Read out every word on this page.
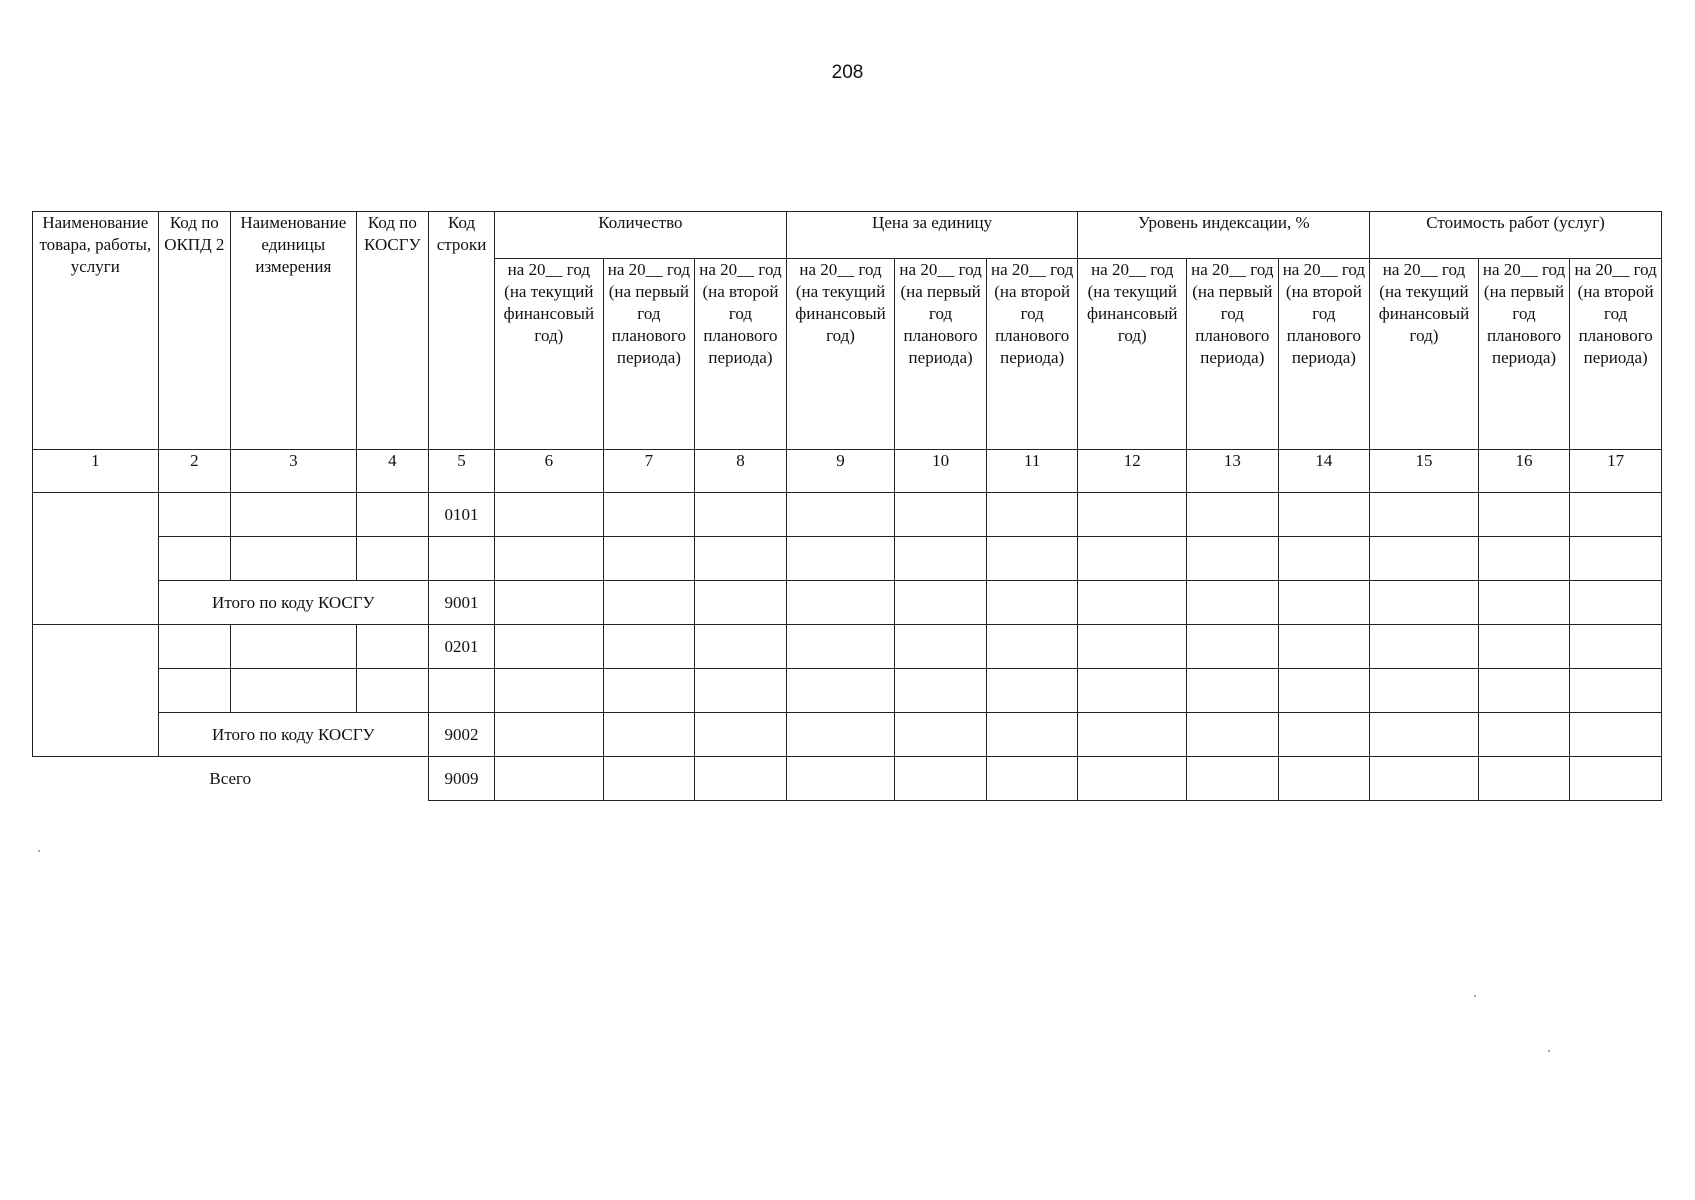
208
Наименование товара, работы, услуги	Код по ОКПД 2	Наименование единицы измерения	Код по КОСГУ	Код строки	Количество			Цена за единицу			Уровень индексации, %			Стоимость работ (услуг)		
					на 20__ год (на текущий финансовый год)	на 20__ год (на первый год планового периода)	на 20__ год (на второй год планового периода)	на 20__ год (на текущий финансовый год)	на 20__ год (на первый год планового периода)	на 20__ год (на второй год планового периода)	на 20__ год (на текущий финансовый год)	на 20__ год (на первый год планового периода)	на 20__ год (на второй год планового периода)	на 20__ год (на текущий финансовый год)	на 20__ год (на первый год планового периода)	на 20__ год (на второй год планового периода)
1	2	3	4	5	6	7	8	9	10	11	12	13	14	15	16	17
				0101												

	Итого по коду КОСГУ			9001												
				0201												

	Итого по коду КОСГУ			9002												
Всего				9009												
